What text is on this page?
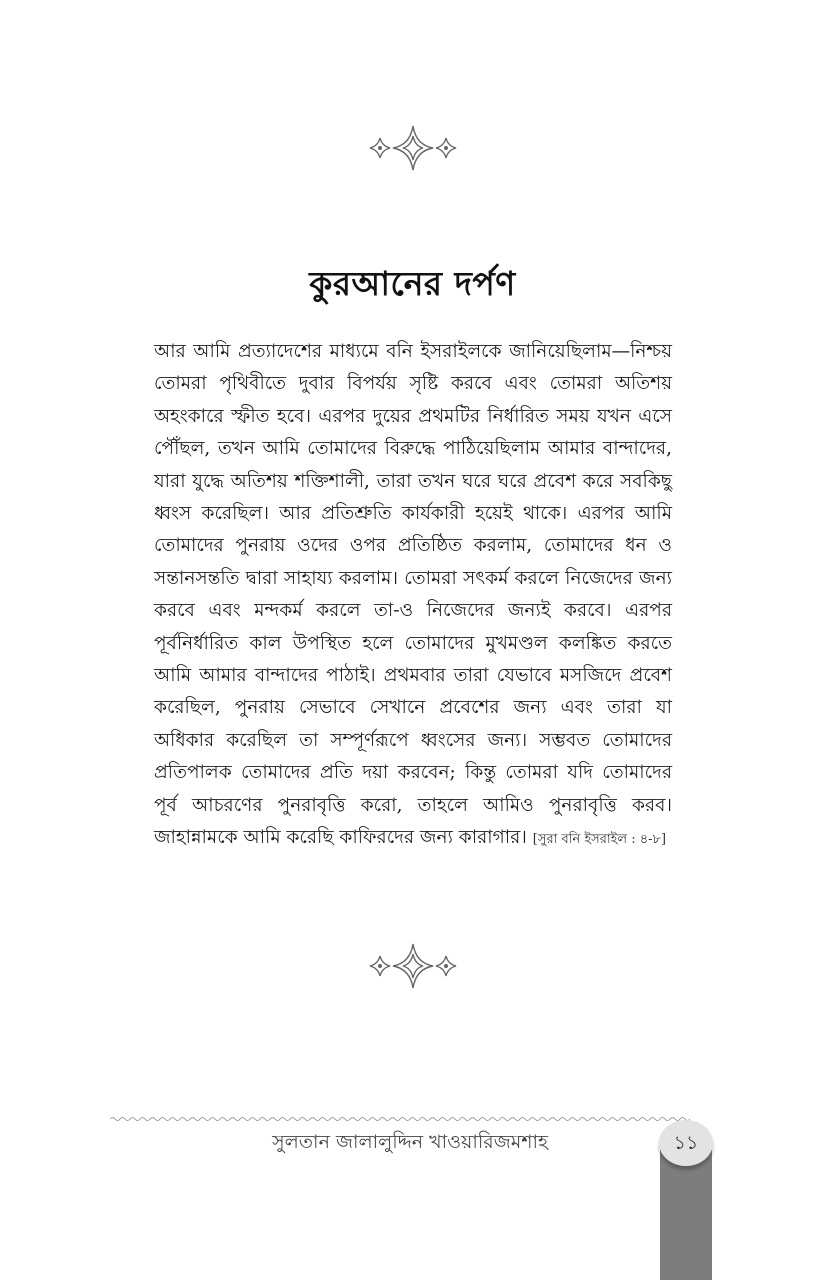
কুরআনের দর্পণ
আর আমি প্রত্যাদেশের মাধ্যমে বনি ইসরাইলকে জানিয়েছিলাম—নিশ্চয় তোমরা পৃথিবীতে দুবার বিপর্যয় সৃষ্টি করবে এবং তোমরা অতিশয় অহংকারে স্ফীত হবে। এরপর দুয়ের প্রথমটির নির্ধারিত সময় যখন এসে পৌঁছল, তখন আমি তোমাদের বিরুদ্ধে পাঠিয়েছিলাম আমার বান্দাদের, যারা যুদ্ধে অতিশয় শক্তিশালী, তারা তখন ঘরে ঘরে প্রবেশ করে সবকিছু ধ্বংস করেছিল। আর প্রতিশ্রুতি কার্যকারী হয়েই থাকে। এরপর আমি তোমাদের পুনরায় ওদের ওপর প্রতিষ্ঠিত করলাম, তোমাদের ধন ও সন্তানসন্ততি দ্বারা সাহায্য করলাম। তোমরা সৎকর্ম করলে নিজেদের জন্য করবে এবং মন্দকর্ম করলে তা-ও নিজেদের জন্যই করবে। এরপর পূর্বনির্ধারিত কাল উপস্থিত হলে তোমাদের মুখমণ্ডল কলঙ্কিত করতে আমি আমার বান্দাদের পাঠাই। প্রথমবার তারা যেভাবে মসজিদে প্রবেশ করেছিল, পুনরায় সেভাবে সেখানে প্রবেশের জন্য এবং তারা যা অধিকার করেছিল তা সম্পূর্ণরূপে ধ্বংসের জন্য। সম্ভবত তোমাদের প্রতিপালক তোমাদের প্রতি দয়া করবেন; কিন্তু তোমরা যদি তোমাদের পূর্ব আচরণের পুনরাবৃত্তি করো, তাহলে আমিও পুনরাবৃত্তি করব। জাহান্নামকে আমি করেছি কাফিরদের জন্য কারাগার। [সুরা বনি ইসরাইল : ৪-৮]
সুলতান জালালুদ্দিন খাওয়ারিজমশাহ	১১
